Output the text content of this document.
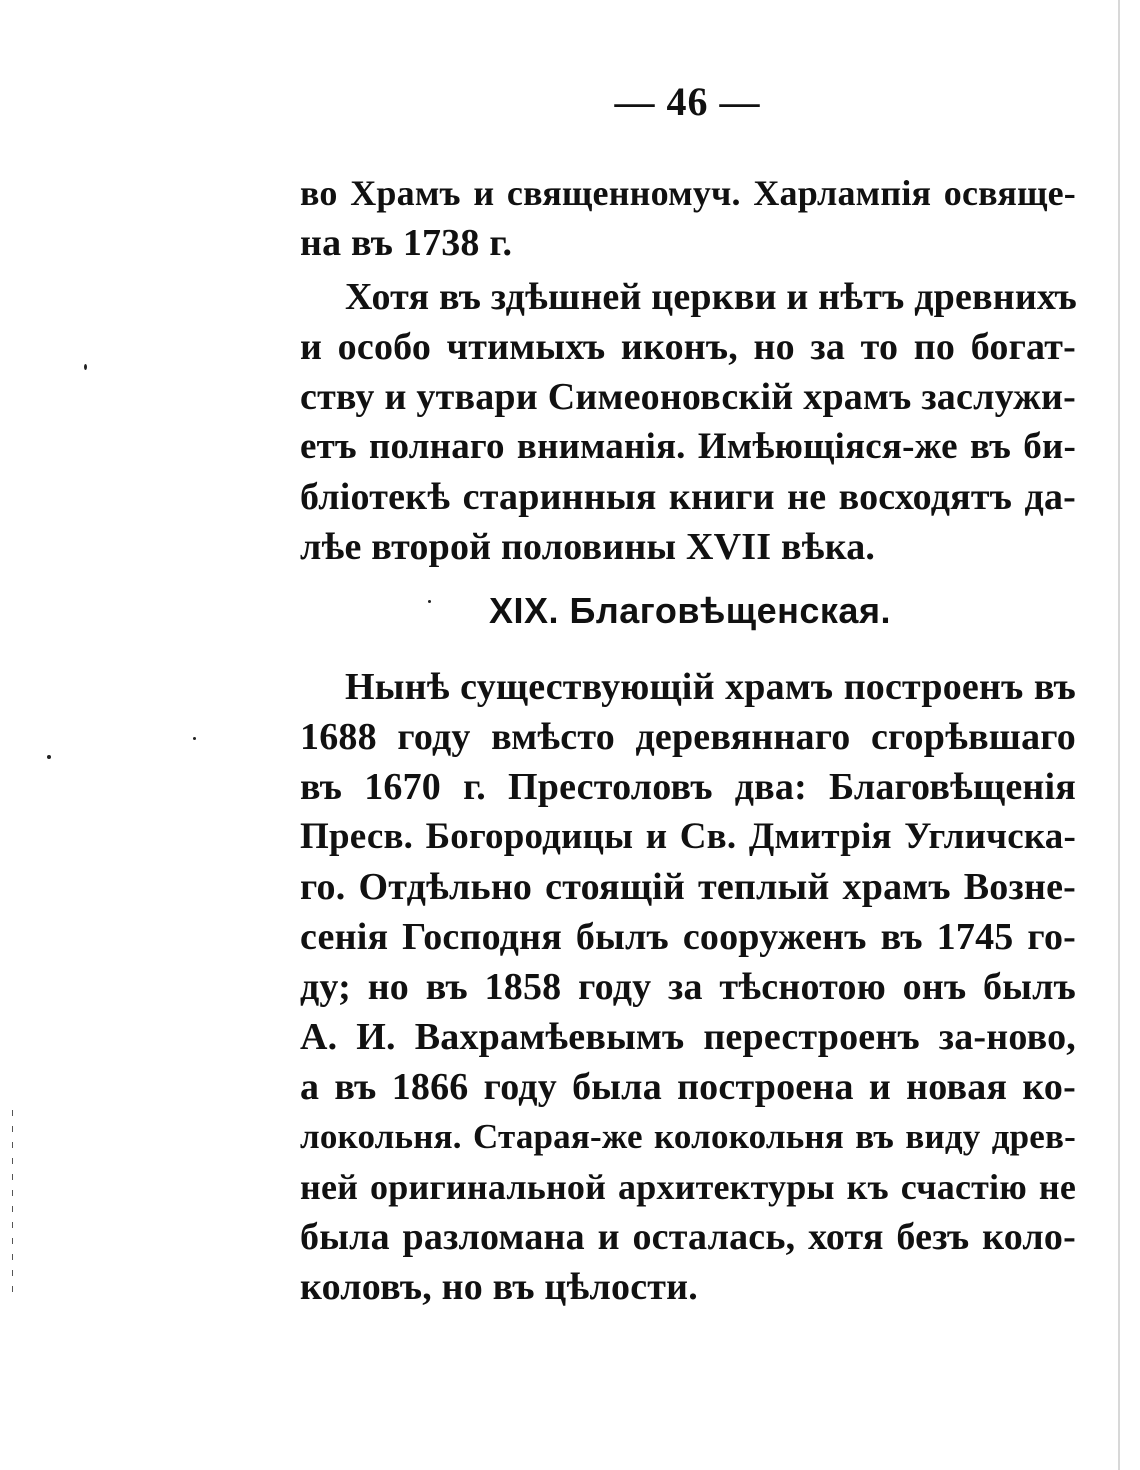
— 46 —
во Храмъ и священномуч. Харлампія освяще-
на въ 1738 г.
Хотя въ здѣшней церкви и нѣтъ древнихъ
и особо чтимыхъ иконъ, но за то по богат-
ству и утвари Симеоновскій храмъ заслужи-
етъ полнаго вниманія. Имѣющіяся-же въ би-
бліотекѣ старинныя книги не восходятъ да-
лѣе второй половины XVII вѣка.
XIX. Благовѣщенская.
Нынѣ существующій храмъ построенъ въ
1688 году вмѣсто деревяннаго сгорѣвшаго
въ 1670 г. Престоловъ два: Благовѣщенія
Пресв. Богородицы и Св. Дмитрія Угличска-
го. Отдѣльно стоящій теплый храмъ Возне-
сенія Господня былъ сооруженъ въ 1745 го-
ду; но въ 1858 году за тѣснотою онъ былъ
А. И. Вахрамѣевымъ перестроенъ за-ново,
а въ 1866 году была построена и новая ко-
локольня. Старая-же колокольня въ виду древ-
ней оригинальной архитектуры къ счастію не
была разломана и осталась, хотя безъ коло-
коловъ, но въ цѣлости.
